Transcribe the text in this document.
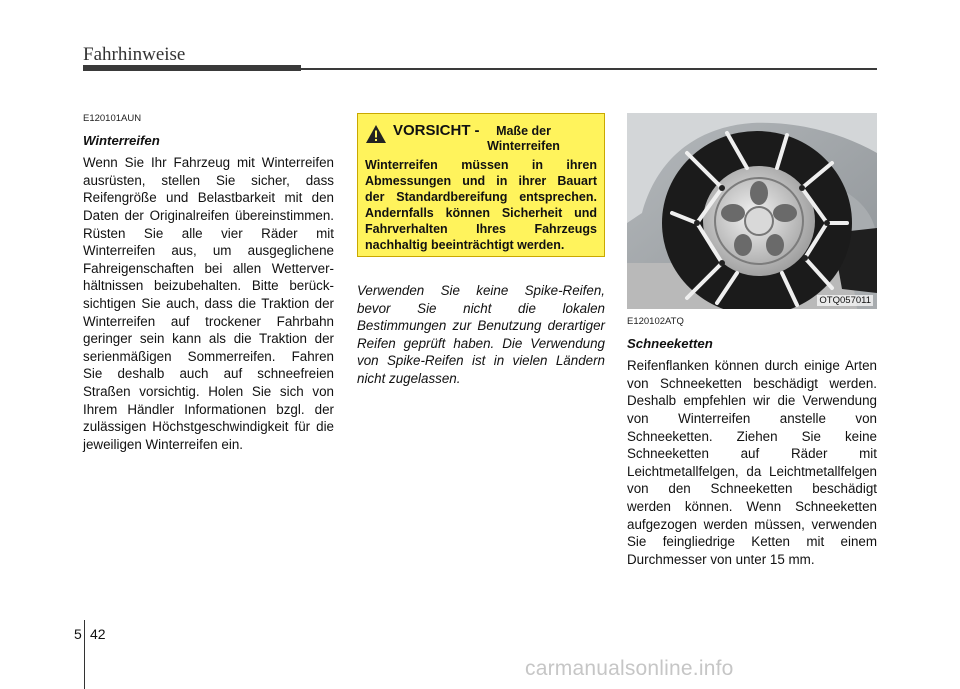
Fahrhinweise
E120101AUN
Winterreifen
Wenn Sie Ihr Fahrzeug mit Winterreifen
ausrüsten, stellen Sie sicher, dass
Reifengröße und Belastbarkeit mit den
Daten der Originalreifen übereinstimmen.
Rüsten Sie alle vier Räder mit
Winterreifen aus, um ausgeglichene
Fahreigenschaften bei allen Wetterver-
hältnissen beizubehalten. Bitte berück-
sichtigen Sie auch, dass die Traktion der
Winterreifen auf trockener Fahrbahn
geringer sein kann als die Traktion der
serienmäßigen Sommerreifen. Fahren
Sie deshalb auch auf schneefreien
Straßen vorsichtig. Holen Sie sich von
Ihrem Händler Informationen bzgl. der
zulässigen Höchstgeschwindigkeit für die
jeweiligen Winterreifen ein.
VORSICHT -	Maße der Winterreifen
Winterreifen müssen in ihren
Abmessungen und in ihrer Bauart
der Standardbereifung entsprechen.
Andernfalls können Sicherheit und
Fahrverhalten Ihres Fahrzeugs
nachhaltig beeinträchtigt werden.
Verwenden Sie keine Spike-Reifen,
bevor Sie nicht die lokalen
Bestimmungen zur Benutzung derartiger
Reifen geprüft haben. Die Verwendung
von Spike-Reifen ist in vielen Ländern
nicht zugelassen.
OTQ057011
E120102ATQ
Schneeketten
Reifenflanken können durch einige Arten
von Schneeketten beschädigt werden.
Deshalb empfehlen wir die Verwendung
von Winterreifen anstelle von
Schneeketten. Ziehen Sie keine
Schneeketten auf Räder mit
Leichtmetallfelgen, da Leichtmetallfelgen
von den Schneeketten beschädigt
werden können. Wenn Schneeketten
aufgezogen werden müssen, verwenden
Sie feingliedrige Ketten mit einem
Durchmesser von unter 15 mm.
5 42
carmanualsonline.info
